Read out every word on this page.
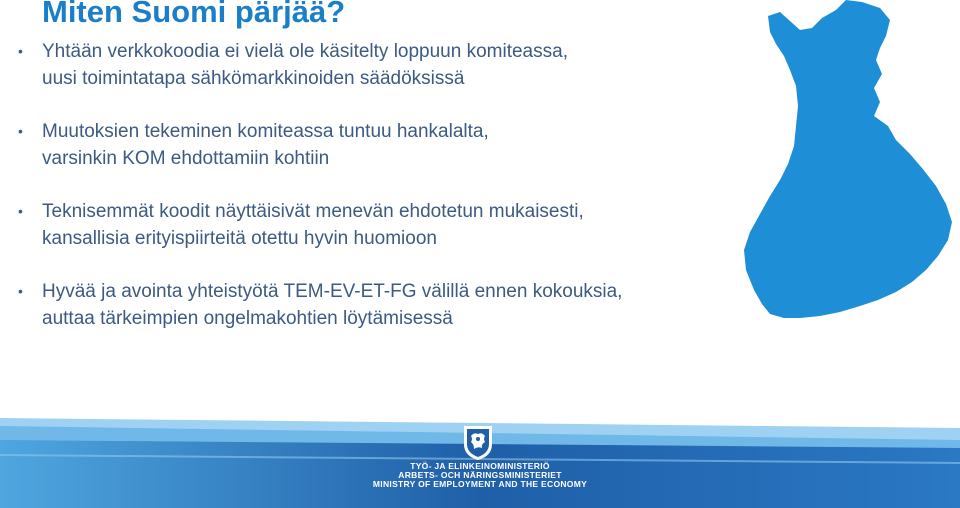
Miten Suomi pärjää?
•	Yhtään verkkokoodia ei vielä ole käsitelty loppuun komiteassa,
uusi toimintatapa sähkömarkkinoiden säädöksissä
•	Muutoksien tekeminen komiteassa tuntuu hankalalta,
varsinkin KOM ehdottamiin kohtiin
•	Teknisemmät koodit näyttäisivät menevän ehdotetun mukaisesti,
kansallisia erityispiirteitä otettu hyvin huomioon
•	Hyvää ja avointa yhteistyötä TEM-EV-ET-FG välillä ennen kokouksia,
auttaa tärkeimpien ongelmakohtien löytämisessä
TYÖ- JA ELINKEINOMINISTERIÖ
ARBETS- OCH NÄRINGSMINISTERIET
MINISTRY OF EMPLOYMENT AND THE ECONOMY
